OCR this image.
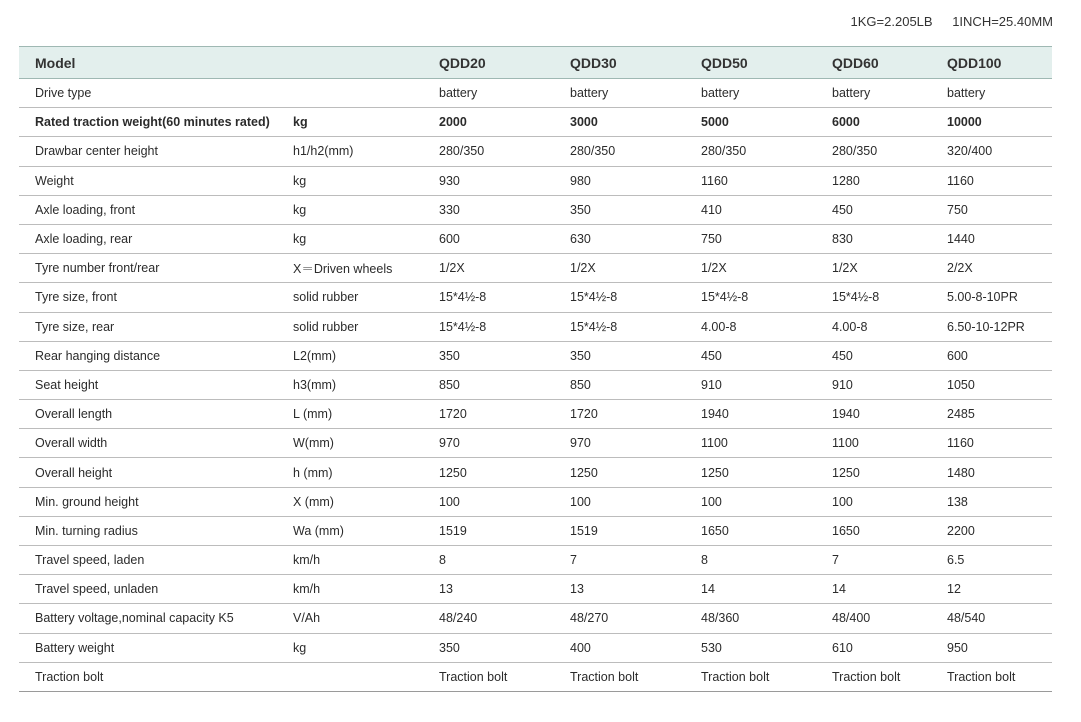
1KG=2.205LB 1INCH=25.40MM
Model		QDD20	QDD30	QDD50	QDD60	QDD100
Drive type		battery	battery	battery	battery	battery
Rated traction weight(60 minutes rated)	kg	2000	3000	5000	6000	10000
Drawbar center height	h1/h2(mm)	280/350	280/350	280/350	280/350	320/400
Weight	kg	930	980	1160	1280	1160
Axle loading, front	kg	330	350	410	450	750
Axle loading, rear	kg	600	630	750	830	1440
Tyre number front/rear	X＝Driven wheels	1/2X	1/2X	1/2X	1/2X	2/2X
Tyre size, front	solid rubber	15*4½-8	15*4½-8	15*4½-8	15*4½-8	5.00-8-10PR
Tyre size, rear	solid rubber	15*4½-8	15*4½-8	4.00-8	4.00-8	6.50-10-12PR
Rear hanging distance	L2(mm)	350	350	450	450	600
Seat height	h3(mm)	850	850	910	910	1050
Overall length	L (mm)	1720	1720	1940	1940	2485
Overall width	W(mm)	970	970	1100	1100	1160
Overall height	h (mm)	1250	1250	1250	1250	1480
Min. ground height	X (mm)	100	100	100	100	138
Min. turning radius	Wa (mm)	1519	1519	1650	1650	2200
Travel speed, laden	km/h	8	7	8	7	6.5
Travel speed, unladen	km/h	13	13	14	14	12
Battery voltage,nominal capacity K5	V/Ah	48/240	48/270	48/360	48/400	48/540
Battery weight	kg	350	400	530	610	950
Traction bolt		Traction bolt	Traction bolt	Traction bolt	Traction bolt	Traction bolt
